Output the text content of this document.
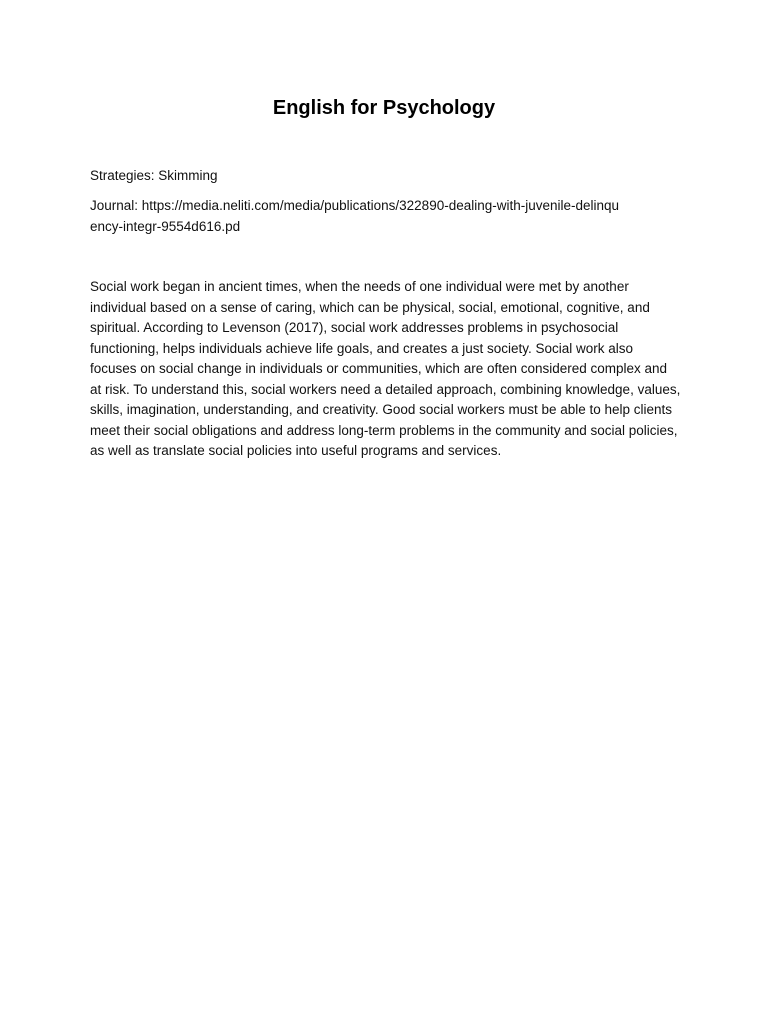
English for Psychology

Strategies: Skimming

Journal: https://media.neliti.com/media/publications/322890-dealing-with-juvenile-delinquency-integr-9554d616.pd

Social work began in ancient times, when the needs of one individual were met by another individual based on a sense of caring, which can be physical, social, emotional, cognitive, and spiritual. According to Levenson (2017), social work addresses problems in psychosocial functioning, helps individuals achieve life goals, and creates a just society. Social work also focuses on social change in individuals or communities, which are often considered complex and at risk. To understand this, social workers need a detailed approach, combining knowledge, values, skills, imagination, understanding, and creativity. Good social workers must be able to help clients meet their social obligations and address long-term problems in the community and social policies, as well as translate social policies into useful programs and services.
